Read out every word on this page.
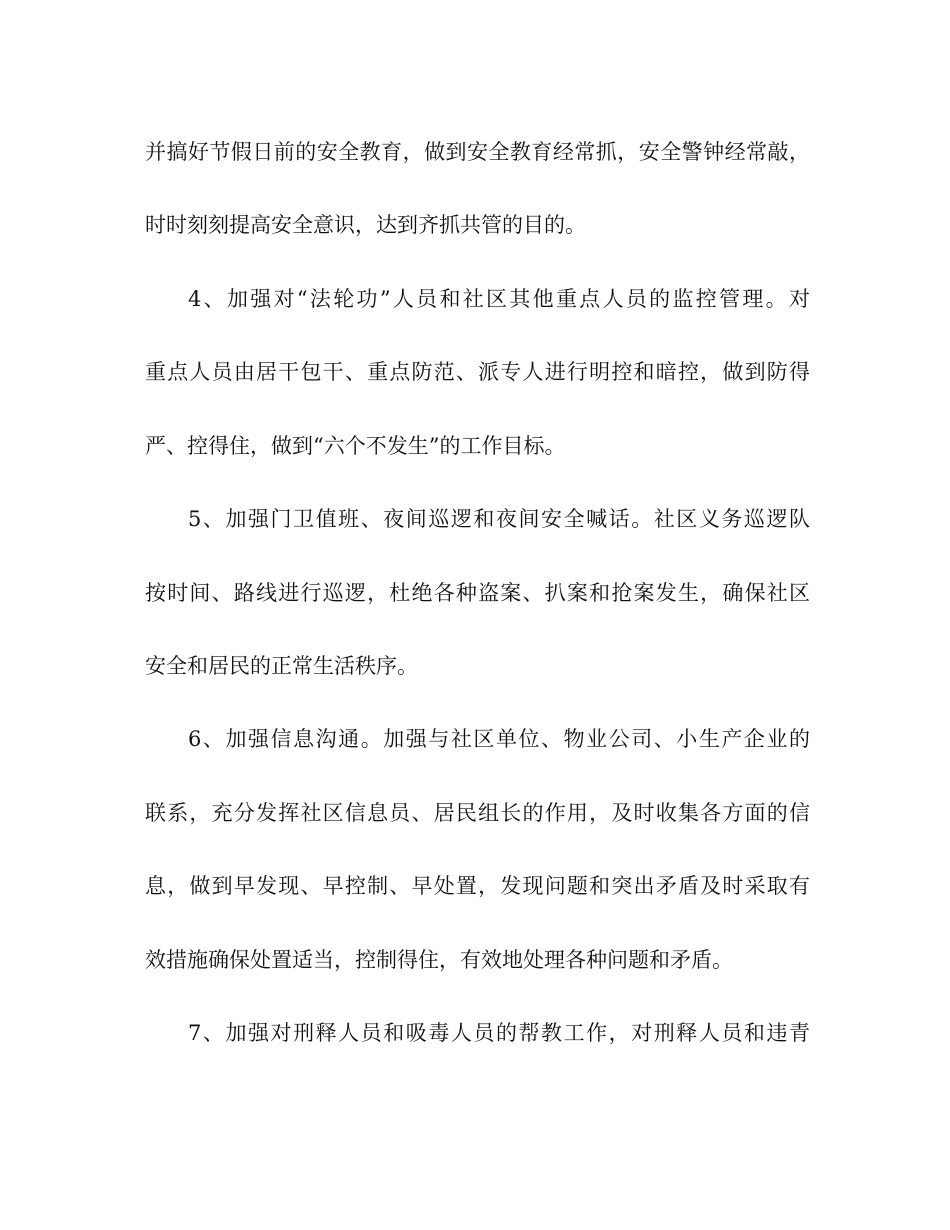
并搞好节假日前的安全教育，做到安全教育经常抓，安全警钟经常敲，
时时刻刻提高安全意识，达到齐抓共管的目的。
4、加强对“法轮功”人员和社区其他重点人员的监控管理。对
重点人员由居干包干、重点防范、派专人进行明控和暗控，做到防得
严、控得住，做到“六个不发生”的工作目标。
5、加强门卫值班、夜间巡逻和夜间安全喊话。社区义务巡逻队
按时间、路线进行巡逻，杜绝各种盗案、扒案和抢案发生，确保社区
安全和居民的正常生活秩序。
6、加强信息沟通。加强与社区单位、物业公司、小生产企业的
联系，充分发挥社区信息员、居民组长的作用，及时收集各方面的信
息，做到早发现、早控制、早处置，发现问题和突出矛盾及时采取有
效措施确保处置适当，控制得住，有效地处理各种问题和矛盾。
7、加强对刑释人员和吸毒人员的帮教工作，对刑释人员和违青
